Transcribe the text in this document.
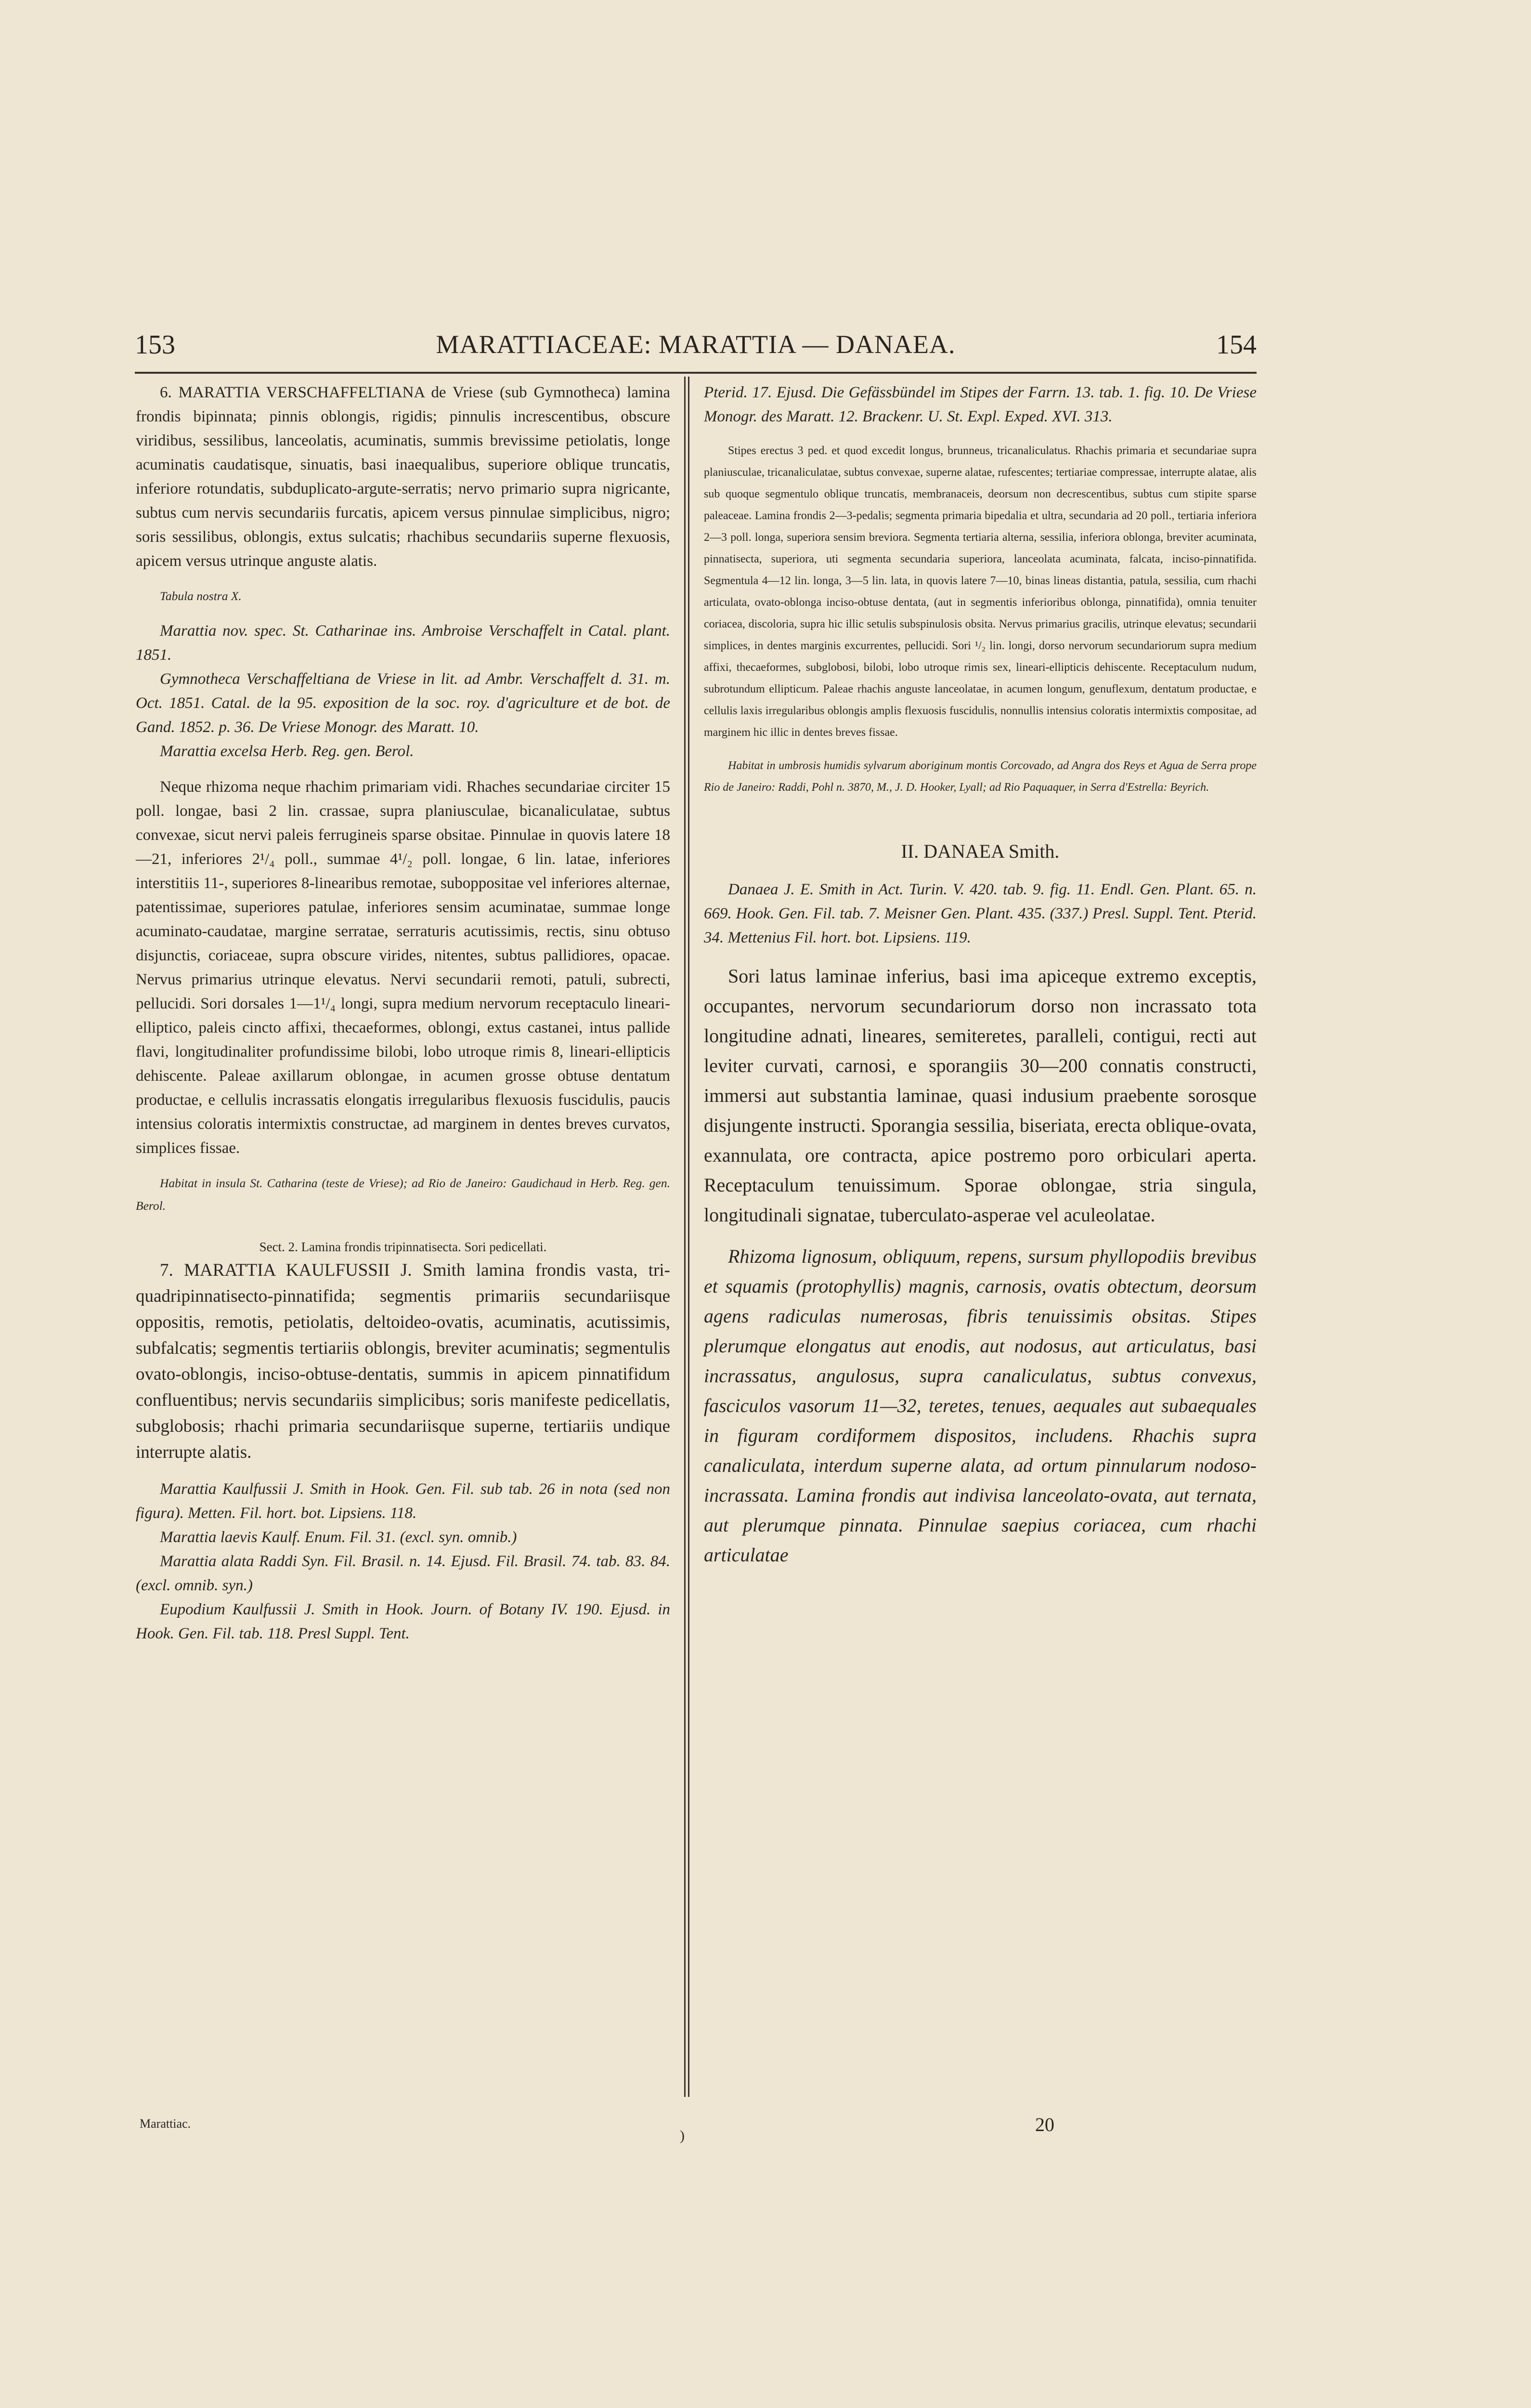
153	MARATTIACEAE: MARATTIA — DANAEA.	154

6. MARATTIA VERSCHAFFELTIANA de Vriese (sub Gymnotheca) lamina frondis bipinnata; pinnis oblongis, rigidis; pinnulis increscentibus, obscure viridibus, sessilibus, lanceolatis, acuminatis, summis brevissime petiolatis, longe acuminatis caudatisque, sinuatis, basi inaequalibus, superiore oblique truncatis, inferiore rotundatis, subduplicato-argute-serratis; nervo primario supra nigricante, subtus cum nervis secundariis furcatis, apicem versus pinnulae simplicibus, nigro; soris sessilibus, oblongis, extus sulcatis; rhachibus secundariis superne flexuosis, apicem versus utrinque anguste alatis.

Tabula nostra X.

Marattia nov. spec. St. Catharinae ins. Ambroise Verschaffelt in Catal. plant. 1851.

Gymnotheca Verschaffeltiana de Vriese in lit. ad Ambr. Verschaffelt d. 31. m. Oct. 1851. Catal. de la 95. exposition de la soc. roy. d'agriculture et de bot. de Gand. 1852. p. 36. De Vriese Monogr. des Maratt. 10.

Marattia excelsa Herb. Reg. gen. Berol.

Neque rhizoma neque rhachim primariam vidi. Rhaches secundariae circiter 15 poll. longae, basi 2 lin. crassae, supra planiusculae, bicanaliculatae, subtus convexae, sicut nervi paleis ferrugineis sparse obsitae. Pinnulae in quovis latere 18—21, inferiores 2¹/₄ poll., summae 4¹/₂ poll. longae, 6 lin. latae, inferiores interstitiis 11-, superiores 8-linearibus remotae, suboppositae vel inferiores alternae, patentissimae, superiores patulae, inferiores sensim acuminatae, summae longe acuminato-caudatae, margine serratae, serraturis acutissimis, rectis, sinu obtuso disjunctis, coriaceae, supra obscure virides, nitentes, subtus pallidiores, opacae. Nervus primarius utrinque elevatus. Nervi secundarii remoti, patuli, subrecti, pellucidi. Sori dorsales 1—1¹/₄ longi, supra medium nervorum receptaculo lineari-elliptico, paleis cincto affixi, thecaeformes, oblongi, extus castanei, intus pallide flavi, longitudinaliter profundissime bilobi, lobo utroque rimis 8, lineari-ellipticis dehiscente. Paleae axillarum oblongae, in acumen grosse obtuse dentatum productae, e cellulis incrassatis elongatis irregularibus flexuosis fuscidulis, paucis intensius coloratis intermixtis constructae, ad marginem in dentes breves curvatos, simplices fissae.

Habitat in insula St. Catharina (teste de Vriese); ad Rio de Janeiro: Gaudichaud in Herb. Reg. gen. Berol.

Sect. 2. Lamina frondis tripinnatisecta. Sori pedicellati.

7. MARATTIA KAULFUSSII J. Smith lamina frondis vasta, tri-quadripinnatisecto-pinnatifida; segmentis primariis secundariisque oppositis, remotis, petiolatis, deltoideo-ovatis, acuminatis, acutissimis, subfalcatis; segmentis tertiariis oblongis, breviter acuminatis; segmentulis ovato-oblongis, inciso-obtuse-dentatis, summis in apicem pinnatifidum confluentibus; nervis secundariis simplicibus; soris manifeste pedicellatis, subglobosis; rhachi primaria secundariisque superne, tertiariis undique interrupte alatis.

Marattia Kaulfussii J. Smith in Hook. Gen. Fil. sub tab. 26 in nota (sed non figura). Metten. Fil. hort. bot. Lipsiens. 118.

Marattia laevis Kaulf. Enum. Fil. 31. (excl. syn. omnib.)

Marattia alata Raddi Syn. Fil. Brasil. n. 14. Ejusd. Fil. Brasil. 74. tab. 83. 84. (excl. omnib. syn.)

Eupodium Kaulfussii J. Smith in Hook. Journ. of Botany IV. 190. Ejusd. in Hook. Gen. Fil. tab. 118. Presl Suppl. Tent.

Pterid. 17. Ejusd. Die Gefässbündel im Stipes der Farrn. 13. tab. 1. fig. 10. De Vriese Monogr. des Maratt. 12. Brackenr. U. St. Expl. Exped. XVI. 313.

Stipes erectus 3 ped. et quod excedit longus, brunneus, tricanaliculatus. Rhachis primaria et secundariae supra planiusculae, tricanaliculatae, subtus convexae, superne alatae, rufescentes; tertiariae compressae, interrupte alatae, alis sub quoque segmentulo oblique truncatis, membranaceis, deorsum non decrescentibus, subtus cum stipite sparse paleaceae. Lamina frondis 2—3-pedalis; segmenta primaria bipedalia et ultra, secundaria ad 20 poll., tertiaria inferiora 2—3 poll. longa, superiora sensim breviora. Segmenta tertiaria alterna, sessilia, inferiora oblonga, breviter acuminata, pinnatisecta, superiora, uti segmenta secundaria superiora, lanceolata acuminata, falcata, inciso-pinnatifida. Segmentula 4—12 lin. longa, 3—5 lin. lata, in quovis latere 7—10, binas lineas distantia, patula, sessilia, cum rhachi articulata, ovato-oblonga inciso-obtuse dentata, (aut in segmentis inferioribus oblonga, pinnatifida), omnia tenuiter coriacea, discoloria, supra hic illic setulis subspinulosis obsita. Nervus primarius gracilis, utrinque elevatus; secundarii simplices, in dentes marginis excurrentes, pellucidi. Sori ¹/₂ lin. longi, dorso nervorum secundariorum supra medium affixi, thecaeformes, subglobosi, bilobi, lobo utroque rimis sex, lineari-ellipticis dehiscente. Receptaculum nudum, subrotundum ellipticum. Paleae rhachis anguste lanceolatae, in acumen longum, genuflexum, dentatum productae, e cellulis laxis irregularibus oblongis amplis flexuosis fuscidulis, nonnullis intensius coloratis intermixtis compositae, ad marginem hic illic in dentes breves fissae.

Habitat in umbrosis humidis sylvarum aboriginum montis Corcovado, ad Angra dos Reys et Agua de Serra prope Rio de Janeiro: Raddi, Pohl n. 3870, M., J. D. Hooker, Lyall; ad Rio Paquaquer, in Serra d'Estrella: Beyrich.

II. DANAEA Smith.

Danaea J. E. Smith in Act. Turin. V. 420. tab. 9. fig. 11. Endl. Gen. Plant. 65. n. 669. Hook. Gen. Fil. tab. 7. Meisner Gen. Plant. 435. (337.) Presl. Suppl. Tent. Pterid. 34. Mettenius Fil. hort. bot. Lipsiens. 119.

Sori latus laminae inferius, basi ima apiceque extremo exceptis, occupantes, nervorum secundariorum dorso non incrassato tota longitudine adnati, lineares, semiteretes, paralleli, contigui, recti aut leviter curvati, carnosi, e sporangiis 30—200 connatis constructi, immersi aut substantia laminae, quasi indusium praebente sorosque disjungente instructi. Sporangia sessilia, biseriata, erecta oblique-ovata, exannulata, ore contracta, apice postremo poro orbiculari aperta. Receptaculum tenuissimum. Sporae oblongae, stria singula, longitudinali signatae, tuberculato-asperae vel aculeolatae.

Rhizoma lignosum, obliquum, repens, sursum phyllopodiis brevibus et squamis (protophyllis) magnis, carnosis, ovatis obtectum, deorsum agens radiculas numerosas, fibris tenuissimis obsitas. Stipes plerumque elongatus aut enodis, aut nodosus, aut articulatus, basi incrassatus, angulosus, supra canaliculatus, subtus convexus, fasciculos vasorum 11—32, teretes, tenues, aequales aut subaequales in figuram cordiformem dispositos, includens. Rhachis supra canaliculata, interdum superne alata, ad ortum pinnularum nodoso-incrassata. Lamina frondis aut indivisa lanceolato-ovata, aut ternata, aut plerumque pinnata. Pinnulae saepius coriacea, cum rhachi articulatae

Marattiac.
)
20
